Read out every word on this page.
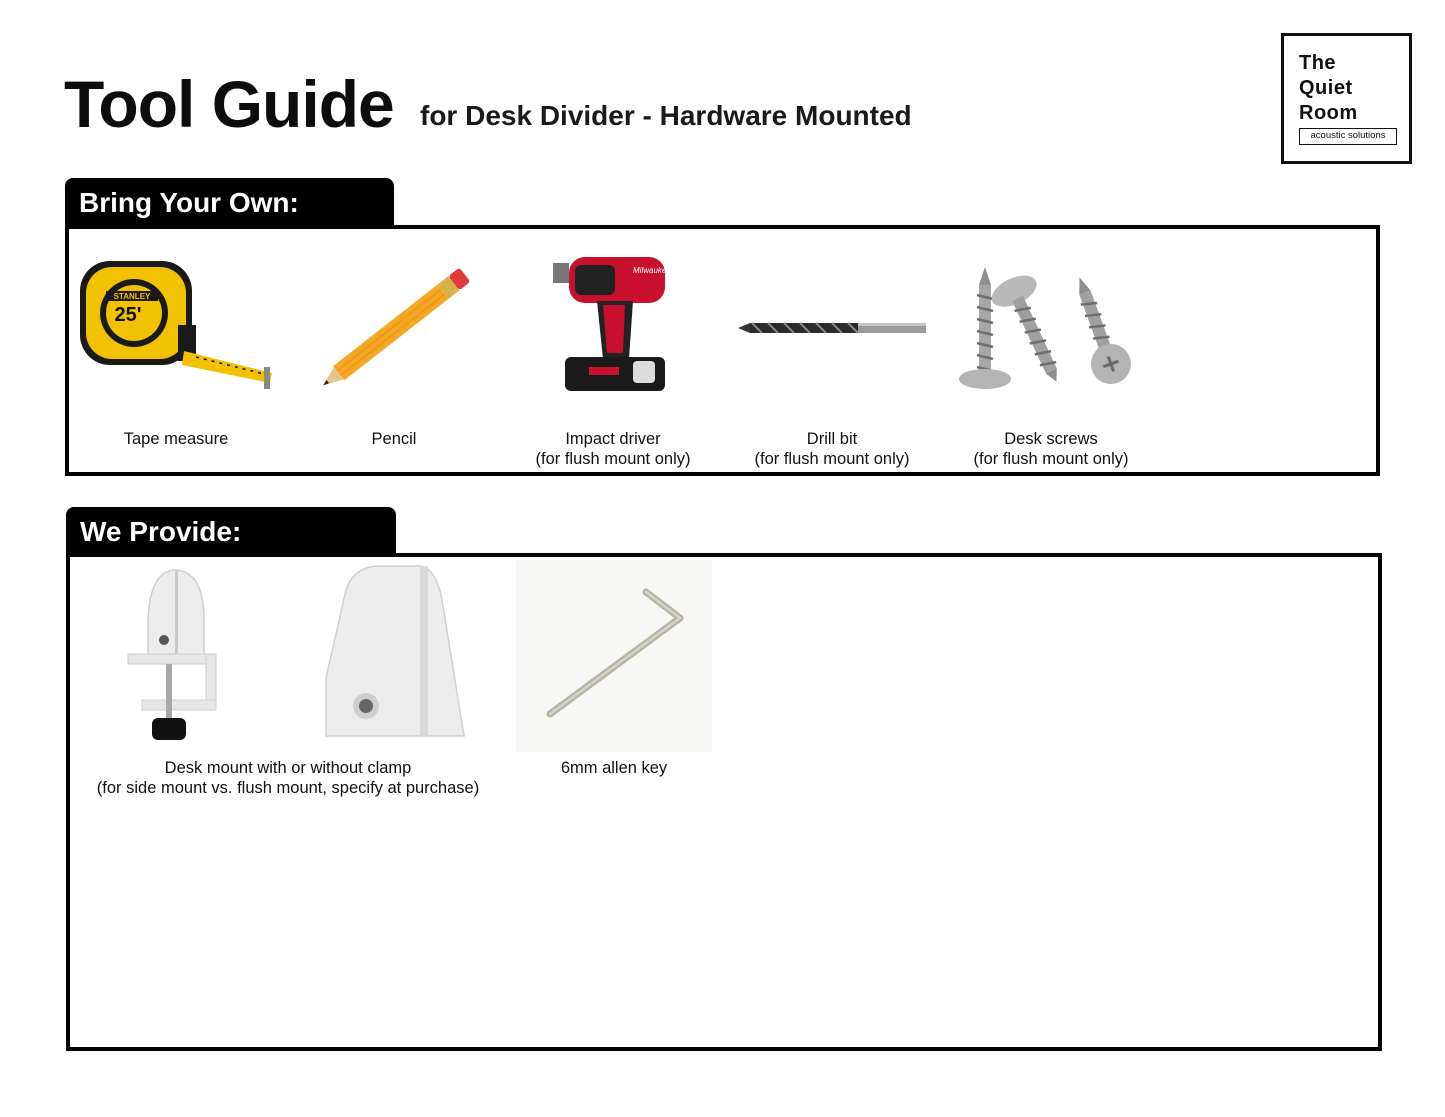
Tool Guide for Desk Divider - Hardware Mounted
The
Quiet
Room
acoustic solutions
Bring Your Own:
STANLEY
25'
Tape measure	Pencil
Milwaukee
Impact driver
(for flush mount only)
Drill bit
(for flush mount only)
Desk screws
(for flush mount only)
We Provide:
Desk mount with or without clamp
(for side mount vs. flush mount, specify at purchase)
6mm allen key
